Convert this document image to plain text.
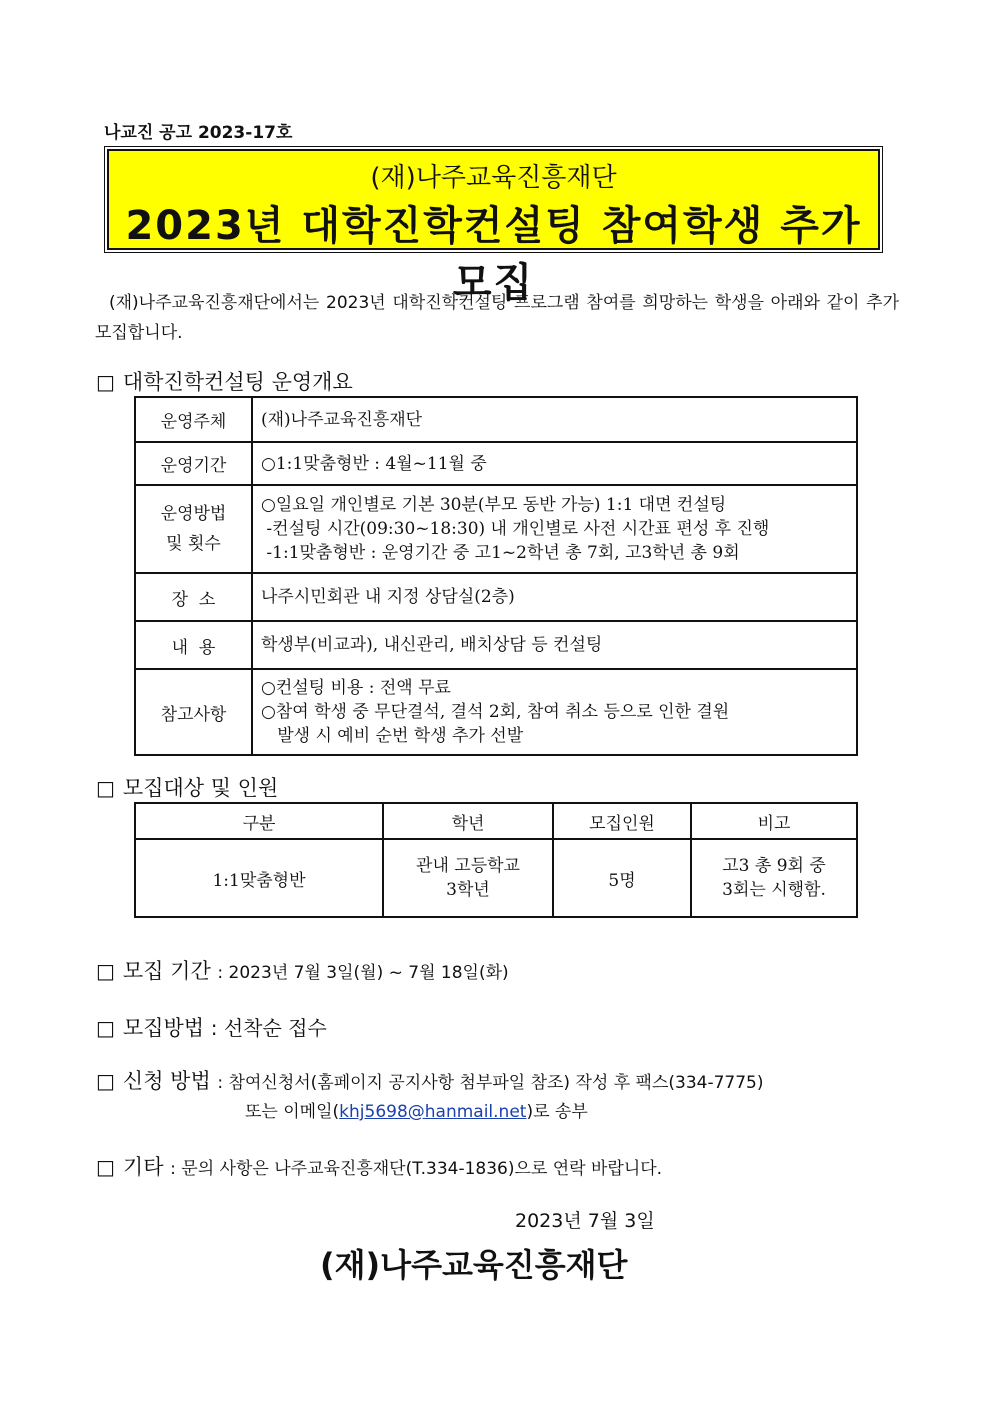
나교진 공고 2023-17호
(재)나주교육진흥재단
2023년 대학진학컨설팅 참여학생 추가 모집

(재)나주교육진흥재단에서는 2023년 대학진학컨설팅 프로그램 참여를 희망하는 학생을 아래와 같이 추가 모집합니다.

□ 대학진학컨설팅 운영개요
운영주체	(재)나주교육진흥재단

운영기간	○1:1맞춤형반 : 4월~11월 중

운영방법
및 횟수	○일요일 개인별로 기본 30분(부모 동반 가능) 1:1 대면 컨설팅
-컨설팅 시간(09:30~18:30) 내 개인별로 사전 시간표 편성 후 진행
-1:1맞춤형반 : 운영기간 중 고1~2학년 총 7회, 고3학년 총 9회

장  소	나주시민회관 내 지정 상담실(2층)

내  용	학생부(비교과), 내신관리, 배치상담 등 컨설팅

참고사항	○컨설팅 비용 : 전액 무료
○참여 학생 중 무단결석, 결석 2회, 참여 취소 등으로 인한 결원
발생 시 예비 순번 학생 추가 선발
□ 모집대상 및 인원
구분	학년	모집인원	비고
1:1맞춤형반	관내 고등학교
3학년	5명	고3 총 9회 중
3회는 시행함.
□ 모집 기간 : 2023년 7월 3일(월) ~ 7월 18일(화)
□ 모집방법 : 선착순 접수
□ 신청 방법 : 참여신청서(홈페이지 공지사항 첨부파일 참조) 작성 후 팩스(334-7775)
또는 이메일(khj5698@hanmail.net)로 송부
□ 기타 : 문의 사항은 나주교육진흥재단(T.334-1836)으로 연락 바랍니다.
2023년 7월 3일
(재)나주교육진흥재단
